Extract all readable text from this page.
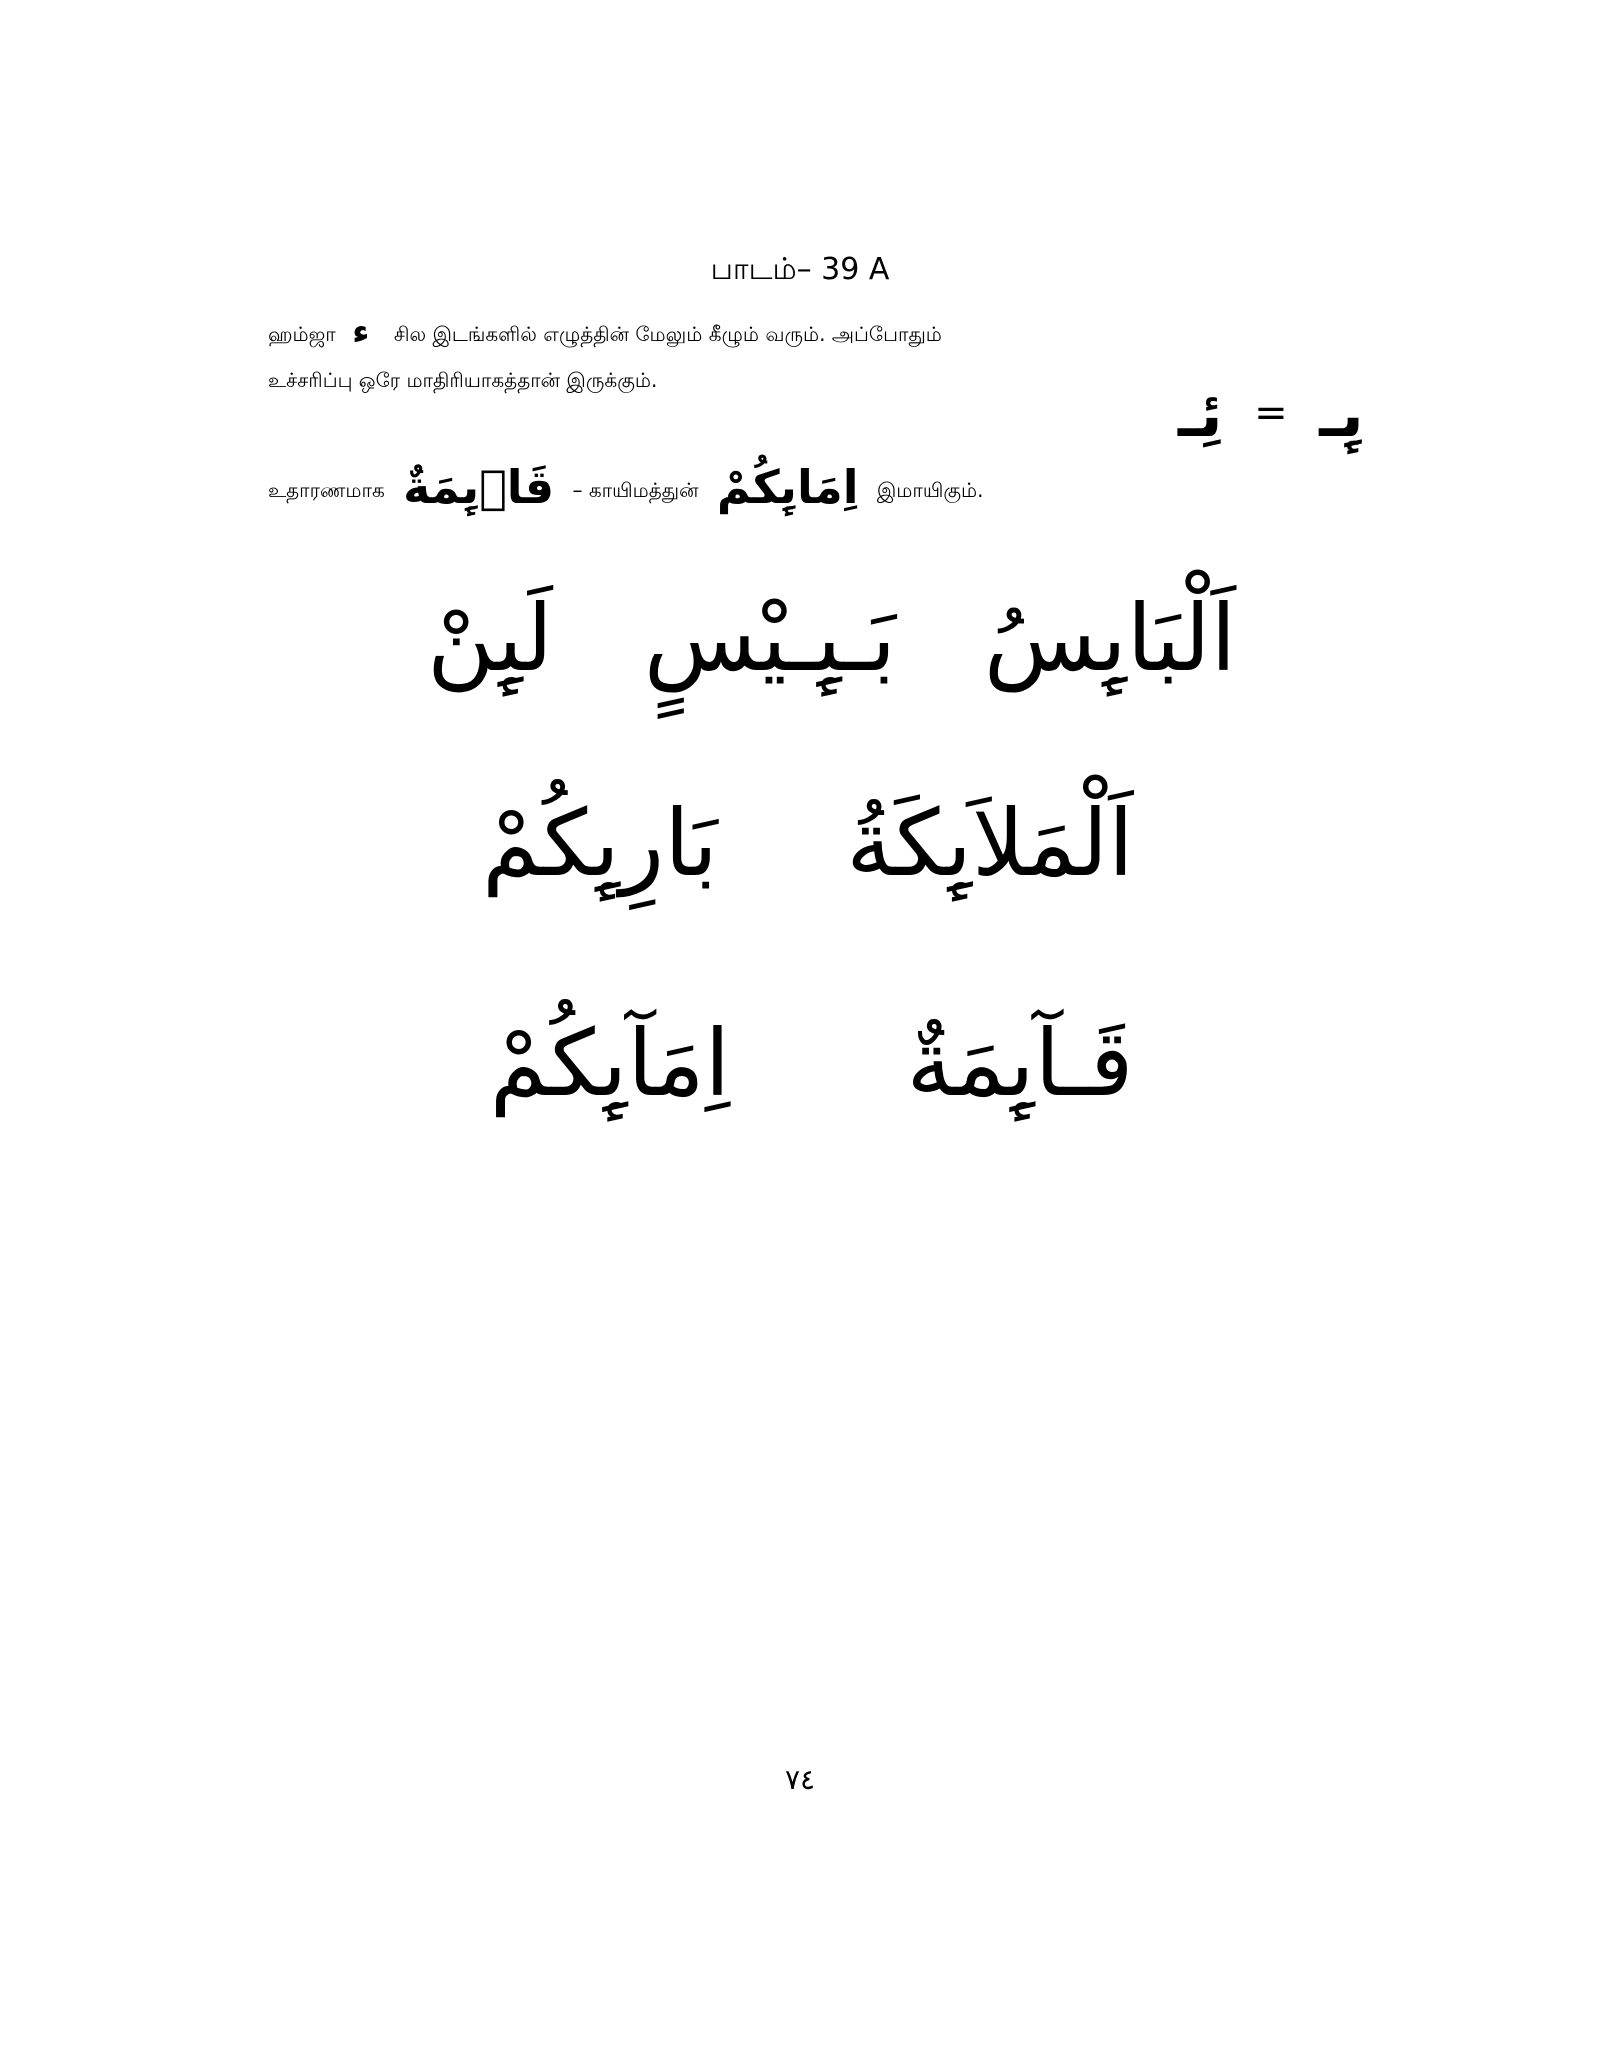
பாடம்– 39 A
ஹம்ஜா ء சில இடங்களில் எழுத்தின் மேலும் கீழும் வரும். அப்போதும்
உச்சரிப்பு ஒரே மாதிரியாகத்தான் இருக்கும்.
உதாரணமாக قَاۭٮِٕمَةٌ – காயிமத்துன் اِمَاٮِٕكُمْ இமாயிகும்.
ٮِٕـ = ئِـ
اَلْبَاٮِٕسُ
بَـٮِٕـيْسٍ
لَٮِٕنْ
اَلْمَلاَٮِٕكَةُ
بَارِٮِٕكُمْ
قَـآٮِٕمَةٌ
اِمَآٮِٕكُمْ
٧٤
